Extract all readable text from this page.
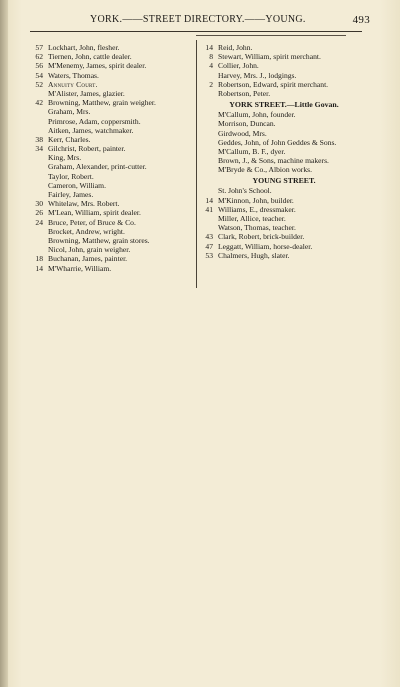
YORK.——STREET DIRECTORY.——YOUNG.	493
57 Lockhart, John, flesher.
62 Tiernen, John, cattle dealer.
56 M'Menemy, James, spirit dealer.
54 Waters, Thomas.
52 Annuity Court.
M'Alister, James, glazier.
42 Browning, Matthew, grain weigher.
Graham, Mrs.
Primrose, Adam, coppersmith.
Aitken, James, watchmaker.
38 Kerr, Charles.
34 Gilchrist, Robert, painter.
King, Mrs.
Graham, Alexander, print-cutter.
Taylor, Robert.
Cameron, William.
Fairley, James.
30 Whitelaw, Mrs. Robert.
26 M'Lean, William, spirit dealer.
24 Bruce, Peter, of Bruce & Co.
Brocket, Andrew, wright.
Browning, Matthew, grain stores.
Nicol, John, grain weigher.
18 Buchanan, James, painter.
14 M'Wharrie, William.
14 Reid, John.
8 Stewart, William, spirit merchant.
4 Collier, John.
Harvey, Mrs. J., lodgings.
2 Robertson, Edward, spirit merchant.
Robertson, Peter.
YORK STREET.—Little Govan.
M'Callum, John, founder.
Morrison, Duncan.
Girdwood, Mrs.
Geddes, John, of John Geddes & Sons.
M'Callum, B. F., dyer.
Brown, J., & Sons, machine makers.
M'Bryde & Co., Albion works.
YOUNG STREET.
St. John's School.
14 M'Kinnon, John, builder.
41 Williams, E., dressmaker.
Miller, Allice, teacher.
Watson, Thomas, teacher.
43 Clark, Robert, brick-builder.
47 Leggatt, William, horse-dealer.
53 Chalmers, Hugh, slater.
